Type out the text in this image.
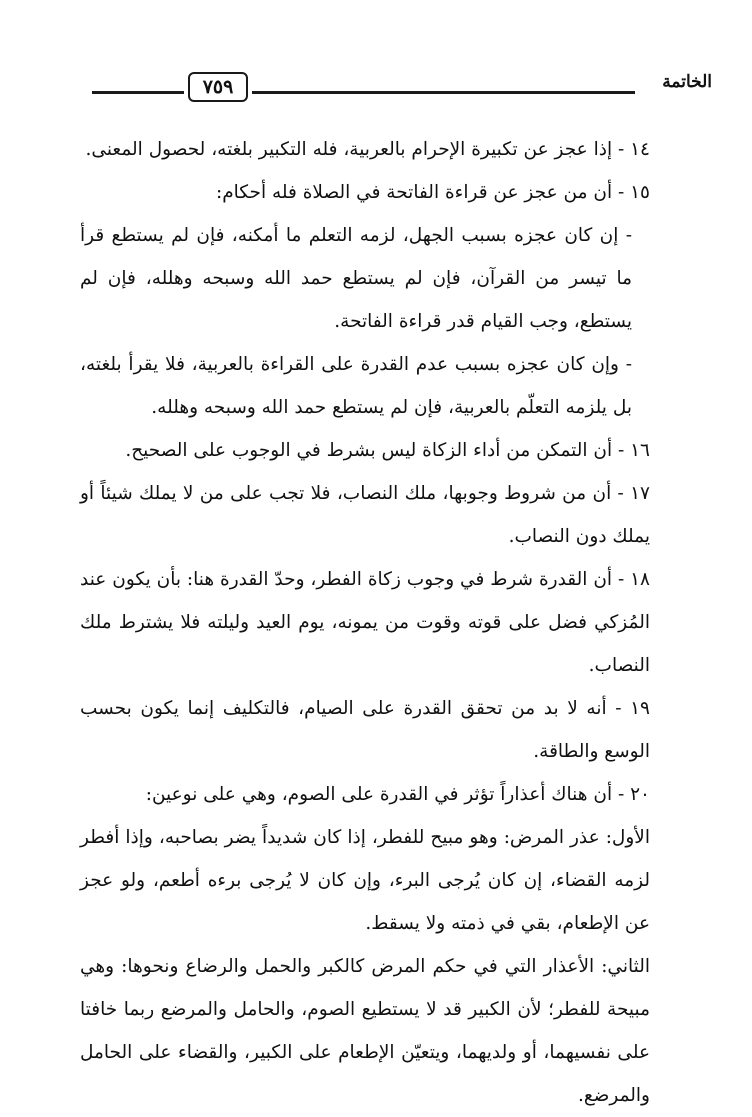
الخاتمة
٧٥٩

١٤ - إذا عجز عن تكبيرة الإحرام بالعربية، فله التكبير بلغته، لحصول المعنى.

١٥ - أن من عجز عن قراءة الفاتحة في الصلاة فله أحكام:

- إن كان عجزه بسبب الجهل، لزمه التعلم ما أمكنه، فإن لم يستطع قرأ ما تيسر من القرآن، فإن لم يستطع حمد الله وسبحه وهلله، فإن لم يستطع، وجب القيام قدر قراءة الفاتحة.

- وإن كان عجزه بسبب عدم القدرة على القراءة بالعربية، فلا يقرأ بلغته، بل يلزمه التعلّم بالعربية، فإن لم يستطع حمد الله وسبحه وهلله.

١٦ - أن التمكن من أداء الزكاة ليس بشرط في الوجوب على الصحيح.

١٧ - أن من شروط وجوبها، ملك النصاب، فلا تجب على من لا يملك شيئاً أو يملك دون النصاب.

١٨ - أن القدرة شرط في وجوب زكاة الفطر، وحدّ القدرة هنا: بأن يكون عند المُزكي فضل على قوته وقوت من يمونه، يوم العيد وليلته فلا يشترط ملك النصاب.

١٩ - أنه لا بد من تحقق القدرة على الصيام، فالتكليف إنما يكون بحسب الوسع والطاقة.

٢٠ - أن هناك أعذاراً تؤثر في القدرة على الصوم، وهي على نوعين:

الأول: عذر المرض: وهو مبيح للفطر، إذا كان شديداً يضر بصاحبه، وإذا أفطر لزمه القضاء، إن كان يُرجى البرء، وإن كان لا يُرجى برءه أطعم، ولو عجز عن الإطعام، بقي في ذمته ولا يسقط.

الثاني: الأعذار التي في حكم المرض كالكبر والحمل والرضاع ونحوها: وهي مبيحة للفطر؛ لأن الكبير قد لا يستطيع الصوم، والحامل والمرضع ربما خافتا على نفسيهما، أو ولديهما، ويتعيّن الإطعام على الكبير، والقضاء على الحامل والمرضع.
